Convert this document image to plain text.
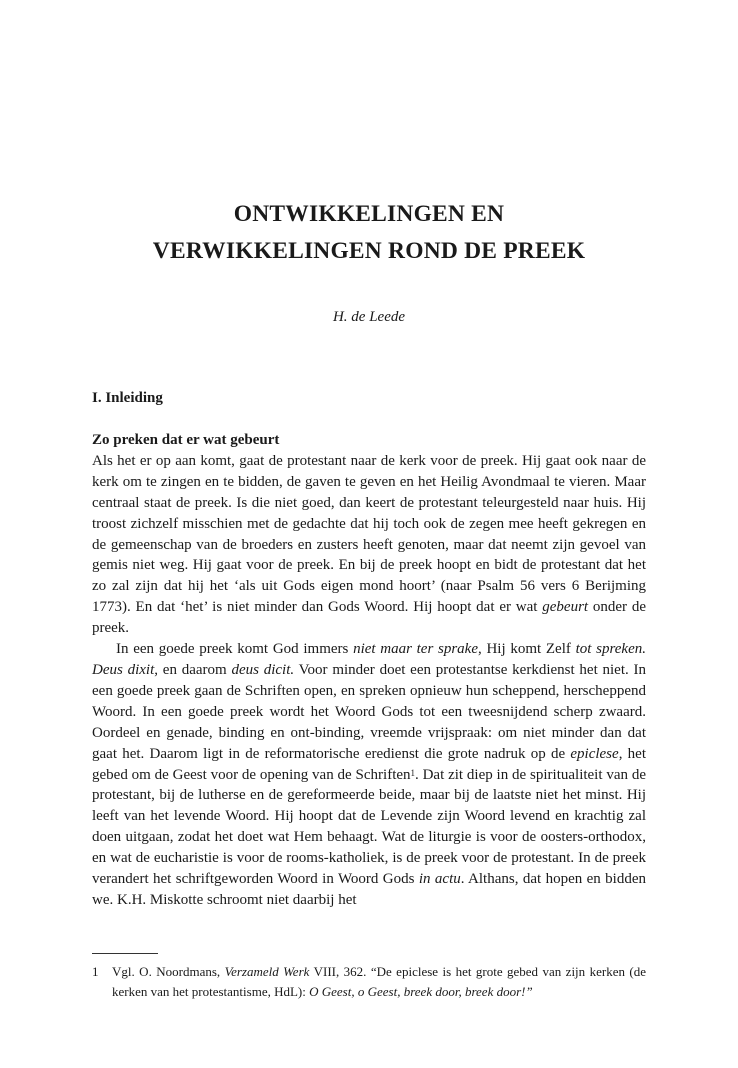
ONTWIKKELINGEN EN
VERWIKKELINGEN ROND DE PREEK
H. de Leede
I. Inleiding

Zo preken dat er wat gebeurt
Als het er op aan komt, gaat de protestant naar de kerk voor de preek. Hij gaat ook naar de kerk om te zingen en te bidden, de gaven te geven en het Heilig Avondmaal te vieren. Maar centraal staat de preek. Is die niet goed, dan keert de protestant teleurgesteld naar huis. Hij troost zichzelf misschien met de gedachte dat hij toch ook de zegen mee heeft gekregen en de gemeenschap van de broeders en zusters heeft genoten, maar dat neemt zijn gevoel van gemis niet weg. Hij gaat voor de preek. En bij de preek hoopt en bidt de protestant dat het zo zal zijn dat hij het ‘als uit Gods eigen mond hoort’ (naar Psalm 56 vers 6 Berijming 1773). En dat ‘het’ is niet minder dan Gods Woord. Hij hoopt dat er wat gebeurt onder de preek.

In een goede preek komt God immers niet maar ter sprake, Hij komt Zelf tot spreken. Deus dixit, en daarom deus dicit. Voor minder doet een protestantse kerkdienst het niet. In een goede preek gaan de Schriften open, en spreken opnieuw hun scheppend, herscheppend Woord. In een goede preek wordt het Woord Gods tot een tweesnijdend scherp zwaard. Oordeel en genade, binding en ont-binding, vreemde vrijspraak: om niet minder dan dat gaat het. Daarom ligt in de reformatorische eredienst die grote nadruk op de epiclese, het gebed om de Geest voor de opening van de Schriften$^1$. Dat zit diep in de spiritualiteit van de protestant, bij de lutherse en de gereformeerde beide, maar bij de laatste niet het minst. Hij leeft van het levende Woord. Hij hoopt dat de Levende zijn Woord levend en krachtig zal doen uitgaan, zodat het doet wat Hem behaagt. Wat de liturgie is voor de oosters-orthodox, en wat de eucharistie is voor de rooms-katholiek, is de preek voor de protestant. In de preek verandert het schriftgeworden Woord in Woord Gods in actu. Althans, dat hopen en bidden we. K.H. Miskotte schroomt niet daarbij het

1 Vgl. O. Noordmans, Verzameld Werk VIII, 362. “De epiclese is het grote gebed van zijn kerken (de kerken van het protestantisme, HdL): O Geest, o Geest, breek door, breek door!”
